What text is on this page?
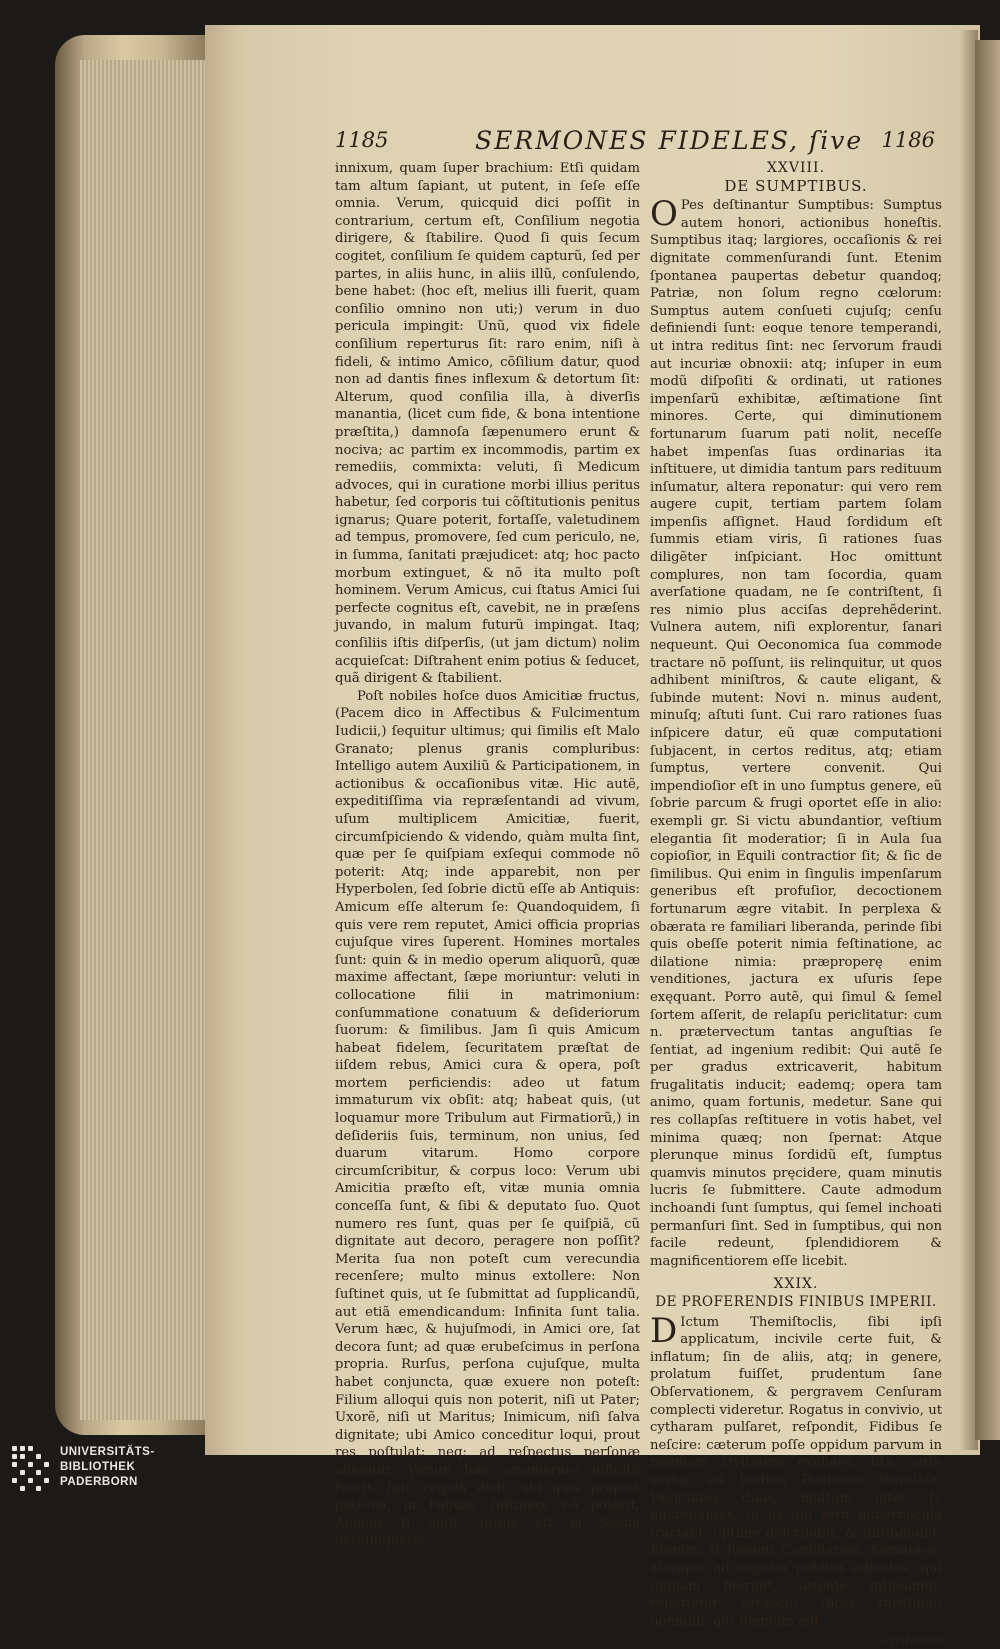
1185	SERMONES FIDELES, ſive 1186

innixum, quam ſuper brachium: Etſi quidam tam altum ſapiant, ut putent, in ſeſe eſſe omnia. Verum, quicquid dici poſſit in contrarium, certum eſt, Conſilium negotia dirigere, & ſtabilire. Quod ſi quis ſecum cogitet, conſilium ſe quidem capturũ, ſed per partes, in aliis hunc, in aliis illũ, conſulendo, bene habet: (hoc eſt, melius illi fuerit, quam conſilio omnino non uti;) verum in duo pericula impingit: Unũ, quod vix fidele conſilium reperturus ſit: raro enim, niſi à fideli, & intimo Amico, cõſilium datur, quod non ad dantis fines inflexum & detortum ſit: Alterum, quod conſilia illa, à diverſis manantia, (licet cum fide, & bona intentione præſtita,) damnoſa ſæpenumero erunt & nociva; ac partim ex incommodis, partim ex remediis, commixta: veluti, ſi Medicum advoces, qui in curatione morbi illius peritus habetur, ſed corporis tui cõſtitutionis penitus ignarus; Quare poterit, fortaſſe, valetudinem ad tempus, promovere, ſed cum periculo, ne, in ſumma, ſanitati præjudicet: atq; hoc pacto morbum extinguet, & nõ ita multo poſt hominem. Verum Amicus, cui ſtatus Amici ſui perfecte cognitus eſt, cavebit, ne in præſens juvando, in malum futurũ impingat. Itaq; conſiliis iſtis diſperſis, (ut jam dictum) nolim acquieſcat: Diſtrahent enim potius & ſeducet, quã dirigent & ſtabilient.

Poſt nobiles hoſce duos Amicitiæ fructus, (Pacem dico in Affectibus & Fulcimentum Iudicii,) ſequitur ultimus; qui ſimilis eſt Malo Granato; plenus granis compluribus: Intelligo autem Auxiliũ & Participationem, in actionibus & occaſionibus vitæ. Hic autẽ, expeditiſſima via repræſentandi ad vivum, uſum multiplicem Amicitiæ, fuerit, circumſpiciendo & videndo, quàm multa ſint, quæ per ſe quiſpiam exſequi commode nõ poterit: Atq; inde apparebit, non per Hyperbolen, ſed ſobrie dictũ eſſe ab Antiquis: Amicum eſſe alterum ſe: Quandoquidem, ſi quis vere rem reputet, Amici officia proprias cujuſque vires ſuperent. Homines mortales ſunt: quin & in medio operum aliquorũ, quæ maxime affectant, ſæpe moriuntur: veluti in collocatione filii in matrimonium: conſummatione conatuum & deſideriorum ſuorum: & ſimilibus. Jam ſi quis Amicum habeat fidelem, ſecuritatem præſtat de iiſdem rebus, Amici cura & opera, poſt mortem perficiendis: adeo ut fatum immaturum vix obſit: atq; habeat quis, (ut loquamur more Tribulum aut Firmatiorũ,) in deſideriis ſuis, terminum, non unius, ſed duarum vitarum. Homo corpore circumſcribitur, & corpus loco: Verum ubi Amicitia præſto eſt, vitæ munia omnia conceſſa ſunt, & ſibi & deputato ſuo. Quot numero res ſunt, quas per ſe quiſpiã, cũ dignitate aut decoro, peragere non poſſit? Merita ſua non poteſt cum verecundia recenſere; multo minus extollere: Non ſuſtinet quis, ut ſe ſubmittat ad ſupplicandũ, aut etiã emendicandum: Infinita ſunt talia. Verum hæc, & hujuſmodi, in Amici ore, ſat decora ſunt; ad quæ erubeſcimus in perſona propria. Rurſus, perſona cujuſque, multa habet conjuncta, quæ exuere non poteſt: Filium alloqui quis non poterit, niſi ut Pater; Uxorẽ, niſi ut Maritus; Inimicum, niſi ſalva dignitate; ubi Amico conceditur loqui, prout res poſtulat: neq; ad reſpectus perſonæ alligatur. Verum hæc enumerare infinitũ fuerit. Ipſe regulã dedi: ubi quis propriã perſonã, in Fabula, ſuſtinere nõ poterit, Amicus ſi deſit, ſatius eſt ei Scenã derelinquere.

XXVIII.
DE SUMPTIBUS.

O Pes deſtinantur Sumptibus: Sumptus autem honori, actionibus honeſtis. Sumptibus itaq; largiores, occaſionis & rei dignitate commenſurandi ſunt. Etenim ſpontanea paupertas debetur quandoq; Patriæ, non ſolum regno cœlorum: Sumptus autem conſueti cujuſq; cenſu definiendi ſunt: eoque tenore temperandi, ut intra reditus ſint: nec ſervorum fraudi aut incuriæ obnoxii: atq; inſuper in eum modũ diſpoſiti & ordinati, ut rationes impenſarũ exhibitæ, æſtimatione ſint minores. Certe, qui diminutionem fortunarum ſuarum pati nolit, neceſſe habet impenſas ſuas ordinarias ita inſtituere, ut dimidia tantum pars redituum inſumatur, altera reponatur: qui vero rem augere cupit, tertiam partem ſolam impenſis aſſignet. Haud ſordidum eſt ſummis etiam viris, ſi rationes ſuas diligẽter inſpiciant. Hoc omittunt complures, non tam ſocordia, quam averſatione quadam, ne ſe contriſtent, ſi res nimio plus acciſas deprehẽderint. Vulnera autem, niſi explorentur, ſanari nequeunt. Qui Oeconomica ſua commode tractare nõ poſſunt, iis relinquitur, ut quos adhibent miniſtros, & caute eligant, & ſubinde mutent: Novi n. minus audent, minuſq; aſtuti ſunt. Cui raro rationes ſuas inſpicere datur, eũ quæ computationi ſubjacent, in certos reditus, atq; etiam ſumptus, vertere convenit. Qui impendioſior eſt in uno ſumptus genere, eũ ſobrie parcum & frugi oportet eſſe in alio: exempli gr. Si victu abundantior, veſtium elegantia ſit moderatior; ſi in Aula ſua copioſior, in Equili contractior ſit; & ſic de ſimilibus. Qui enim in ſingulis impenſarum generibus eſt profuſior, decoctionem fortunarum ægre vitabit. In perplexa & obærata re familiari liberanda, perinde ſibi quis obeſſe poterit nimia feſtinatione, ac dilatione nimia: præproperę enim venditiones, jactura ex uſuris ſepe exęquant. Porro autẽ, qui ſimul & ſemel ſortem aſſerit, de relapſu periclitatur: cum n. prætervectum tantas anguſtias ſe ſentiat, ad ingenium redibit: Qui autẽ ſe per gradus extricaverit, habitum frugalitatis inducit; eademq; opera tam animo, quam fortunis, medetur. Sane qui res collapſas reſtituere in votis habet, vel minima quæq; non ſpernat: Atque plerunque minus ſordidũ eſt, ſumptus quamvis minutos pręcidere, quam minutis lucris ſe ſubmittere. Caute admodum inchoandi ſunt ſumptus, qui ſemel inchoati permanſuri ſint. Sed in ſumptibus, qui non facile redeunt, ſplendidiorem & magnificentiorem eſſe licebit.

XXIX.
DE PROFERENDIS FINIBUS IMPERII.

D Ictum Themiſtoclis, ſibi ipſi applicatum, incivile certe fuit, & inflatum; ſin de aliis, atq; in genere, prolatum fuiſſet, prudentum ſane Obſervationem, & pergravem Cenſuram complecti videretur. Rogatus in convivio, ut cytharam pulſaret, reſpondit, Fidibus ſe neſcire: cæterum poſſe oppidum parvum in magnam civitatem evehere. Iſta certe verba, ad ſenſum Politicum tranſlata, Facultates duas, multum inter ſe diſcrepantes, in iis qui rerũ gubernacula tractant, optime deſcribunt, & diſtinguunt. Etenim, ſi Regum Conſiliarios, Senatores, aliosque ad negotia publica admotos, qui uſquam fuerunt, attente intueamur, reperiętur profecto (licet rariſſime) nonnulli, qui Regnum aut

Civitatem
UNIVERSITÄTS-
BIBLIOTHEK
PADERBORN
